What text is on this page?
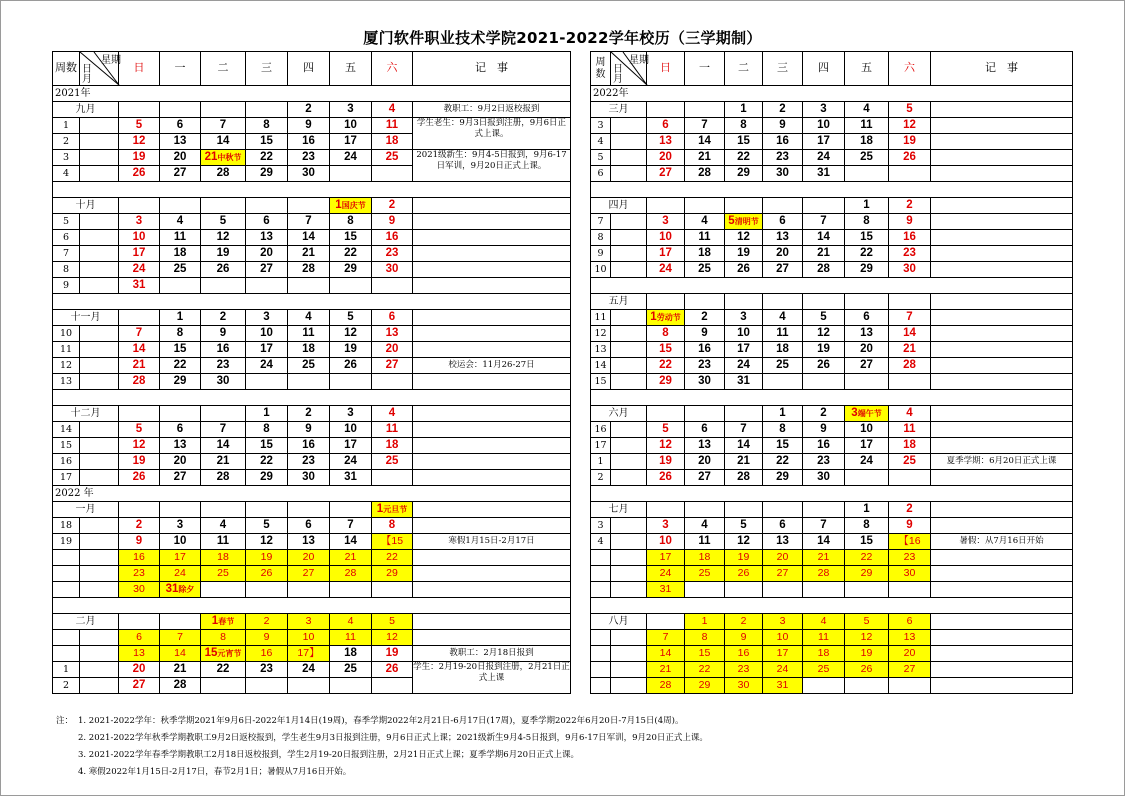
厦门软件职业技术学院2021-2022学年校历（三学期制）
周数	星期
日
月	日	一	二	三	四	五	六	记　事
2021年									
九月						2	3	4	教职工：9月2日返校报到
1		5	6	7	8	9	10	11	学生老生：9月3日报到注册，9月6日正式上课。
2		12	13	14	15	16	17	18	
3		19	20	21中秋节	22	23	24	25	2021级新生：9月4-5日报到，9月6-17日军训，9月20日正式上课。
4		26	27	28	29	30			

十月							1国庆节	2	
5		3	4	5	6	7	8	9	
6		10	11	12	13	14	15	16	
7		17	18	19	20	21	22	23	
8		24	25	26	27	28	29	30	
9		31							

十一月			1	2	3	4	5	6	
10		7	8	9	10	11	12	13	
11		14	15	16	17	18	19	20	
12		21	22	23	24	25	26	27	校运会：11月26-27日
13		28	29	30					

十二月					1	2	3	4	
14		5	6	7	8	9	10	11	
15		12	13	14	15	16	17	18	
16		19	20	21	22	23	24	25	
17		26	27	28	29	30	31		
2022 年									
一月								1元旦节	
18		2	3	4	5	6	7	8	
19		9	10	11	12	13	14	【15	寒假1月15日-2月17日
		16	17	18	19	20	21	22	
		23	24	25	26	27	28	29	
		30	31除夕						

二月				1春节	2	3	4	5	
		6	7	8	9	10	11	12	
		13	14	15元宵节	16	17】	18	19	教职工：2月18日报到
1		20	21	22	23	24	25	26	学生：2月19-20日报到注册，2月21日正式上课
2		27	28						
周数	星期
日
月	日	一	二	三	四	五	六	记　事
2022年									
三月				1	2	3	4	5	
3		6	7	8	9	10	11	12	
4		13	14	15	16	17	18	19	
5		20	21	22	23	24	25	26	
6		27	28	29	30	31			

四月							1	2	
7		3	4	5清明节	6	7	8	9	
8		10	11	12	13	14	15	16	
9		17	18	19	20	21	22	23	
10		24	25	26	27	28	29	30	

五月									
11		1劳动节	2	3	4	5	6	7	
12		8	9	10	11	12	13	14	
13		15	16	17	18	19	20	21	
14		22	23	24	25	26	27	28	
15		29	30	31					

六月					1	2	3端午节	4	
16		5	6	7	8	9	10	11	
17		12	13	14	15	16	17	18	
1		19	20	21	22	23	24	25	夏季学期：6月20日正式上课
2		26	27	28	29	30			

七月							1	2	
3		3	4	5	6	7	8	9	
4		10	11	12	13	14	15	【16	暑假：从7月16日开始
		17	18	19	20	21	22	23	
		24	25	26	27	28	29	30	
		31							

八月			1	2	3	4	5	6	
		7	8	9	10	11	12	13	
		14	15	16	17	18	19	20	
		21	22	23	24	25	26	27	
		28	29	30	31				
注： 1. 2021-2022学年：秋季学期2021年9月6日-2022年1月14日(19周)，春季学期2022年2月21日-6月17日(17周)，夏季学期2022年6月20日-7月15日(4周)。
2. 2021-2022学年秋季学期教职工9月2日返校报到，学生老生9月3日报到注册，9月6日正式上课；2021级新生9月4-5日报到，9月6-17日军训，9月20日正式上课。
3. 2021-2022学年春季学期教职工2月18日返校报到，学生2月19-20日报到注册，2月21日正式上课；夏季学期6月20日正式上课。
4. 寒假2022年1月15日-2月17日，春节2月1日；暑假从7月16日开始。
